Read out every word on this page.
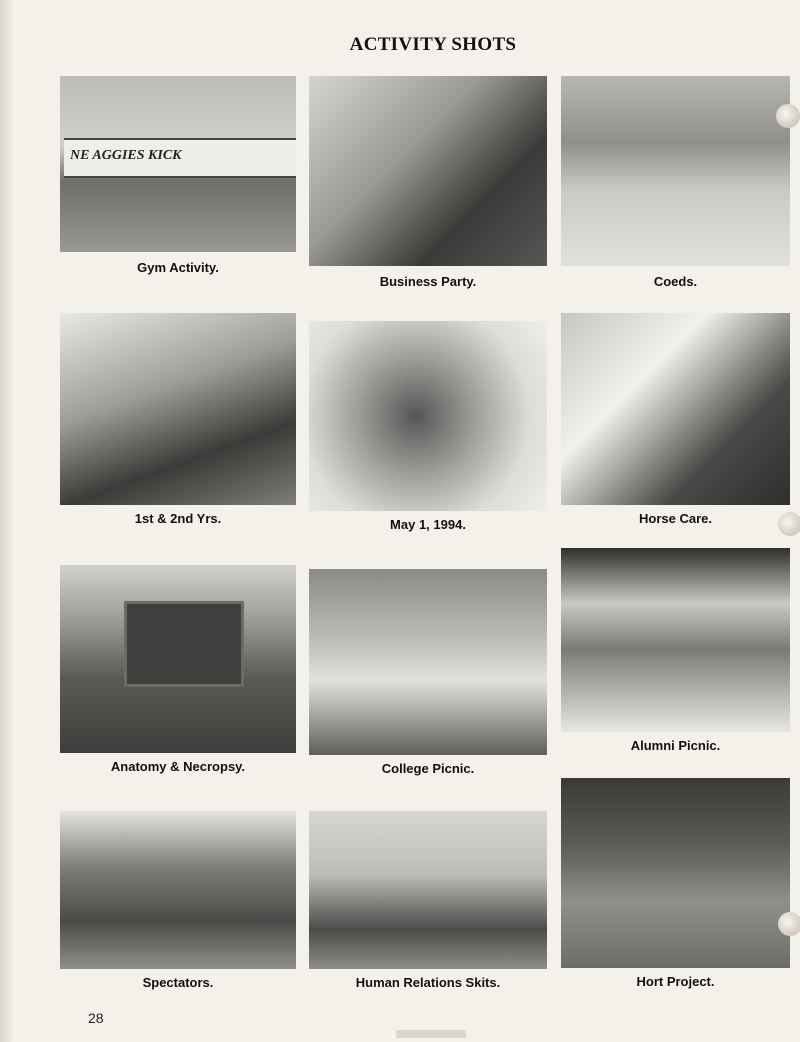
ACTIVITY SHOTS
NE AGGIES KICK
Gym Activity.
Business Party.	Coeds.
1st & 2nd Yrs.	May 1, 1994.	Horse Care.
Anatomy & Necropsy.	College Picnic.
Alumni Picnic.
Spectators.	Human Relations Skits.	Hort Project.
28
